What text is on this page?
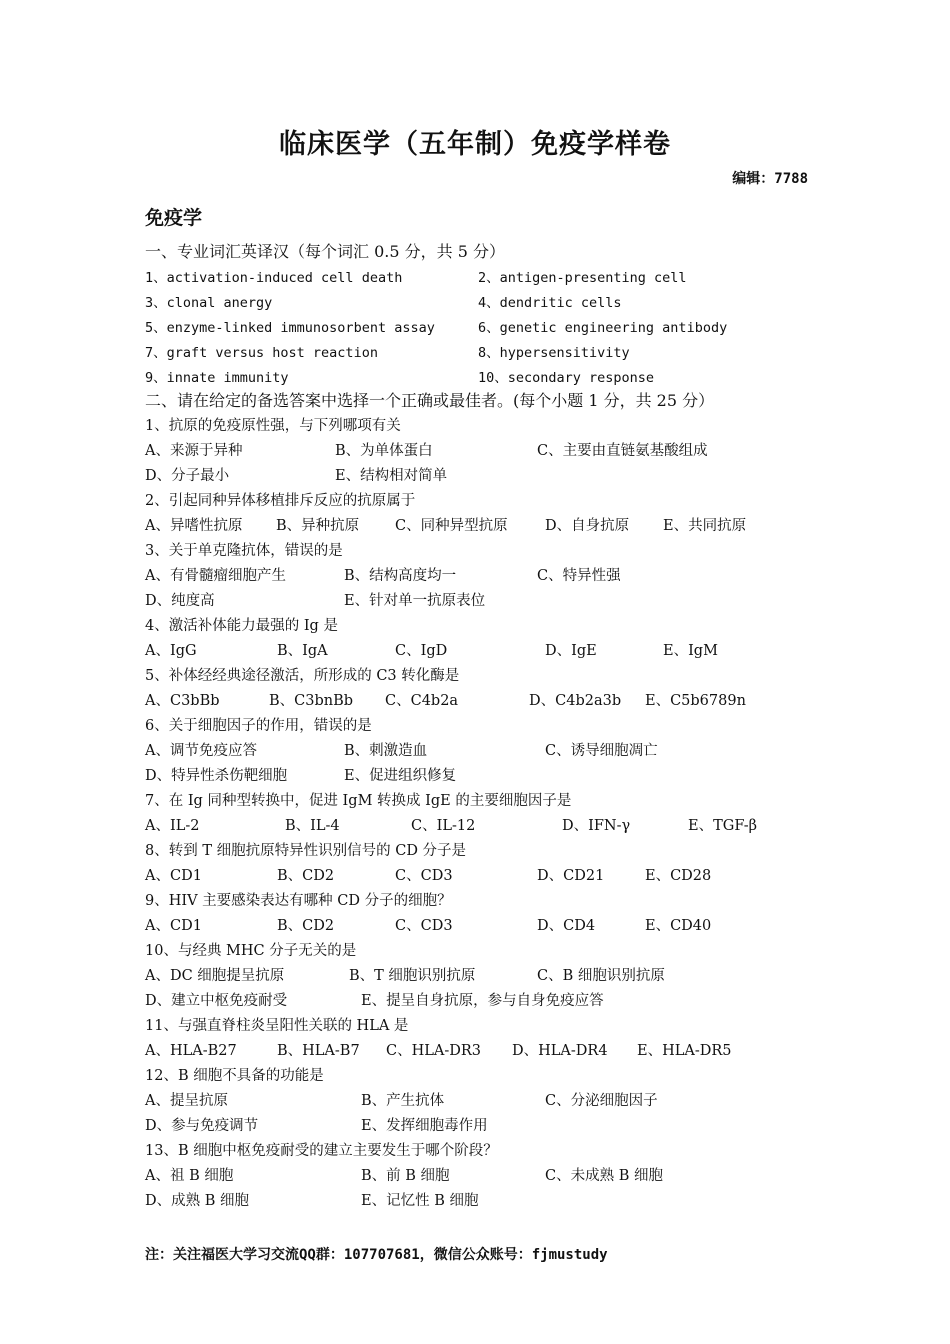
临床医学（五年制）免疫学样卷
编辑：7788
免疫学
一、专业词汇英译汉（每个词汇 0.5 分，共 5 分）
1、activation-induced cell death	2、antigen-presenting cell
3、clonal anergy	4、dendritic cells
5、enzyme-linked immunosorbent assay	6、genetic engineering antibody
7、graft versus host reaction	8、hypersensitivity
9、innate immunity	10、secondary response
二、请在给定的备选答案中选择一个正确或最佳者。(每个小题 1 分，共 25 分）
1、抗原的免疫原性强，与下列哪项有关
A、来源于异种	B、为单体蛋白	C、主要由直链氨基酸组成
D、分子最小	E、结构相对简单
2、引起同种异体移植排斥反应的抗原属于
A、异嗜性抗原 B、异种抗原 C、同种异型抗原	D、自身抗原 E、共同抗原
3、关于单克隆抗体，错误的是
A、有骨髓瘤细胞产生	B、结构高度均一	C、特异性强
D、纯度高	E、针对单一抗原表位
4、激活补体能力最强的 Ig 是
A、IgG	B、IgA	C、IgD	D、IgE	E、IgM
5、补体经经典途径激活，所形成的 C3 转化酶是
A、C3bBb	B、C3bnBb C、C4b2a	D、C4b2a3b E、C5b6789n
6、关于细胞因子的作用，错误的是
A、调节免疫应答	B、刺激造血	C、诱导细胞凋亡
D、特异性杀伤靶细胞	E、促进组织修复
7、在 Ig 同种型转换中，促进 IgM 转换成 IgE 的主要细胞因子是
A、IL-2	B、IL-4	C、IL-12	D、IFN-γ	E、TGF-β
8、转到 T 细胞抗原特异性识别信号的 CD 分子是
A、CD1	B、CD2	C、CD3	D、CD21	E、CD28
9、HIV 主要感染表达有哪种 CD 分子的细胞？
A、CD1	B、CD2	C、CD3	D、CD4	E、CD40
10、与经典 MHC 分子无关的是
A、DC 细胞提呈抗原	B、T 细胞识别抗原	C、B 细胞识别抗原
D、建立中枢免疫耐受	E、提呈自身抗原，参与自身免疫应答
11、与强直脊柱炎呈阳性关联的 HLA 是
A、HLA-B27	B、HLA-B7 C、HLA-DR3 D、HLA-DR4 E、HLA-DR5
12、B 细胞不具备的功能是
A、提呈抗原	B、产生抗体	C、分泌细胞因子
D、参与免疫调节	E、发挥细胞毒作用
13、B 细胞中枢免疫耐受的建立主要发生于哪个阶段？
A、祖 B 细胞	B、前 B 细胞	C、未成熟 B 细胞
D、成熟 B 细胞	E、记忆性 B 细胞
注：关注福医大学习交流QQ群：107707681，微信公众账号：fjmustudy
